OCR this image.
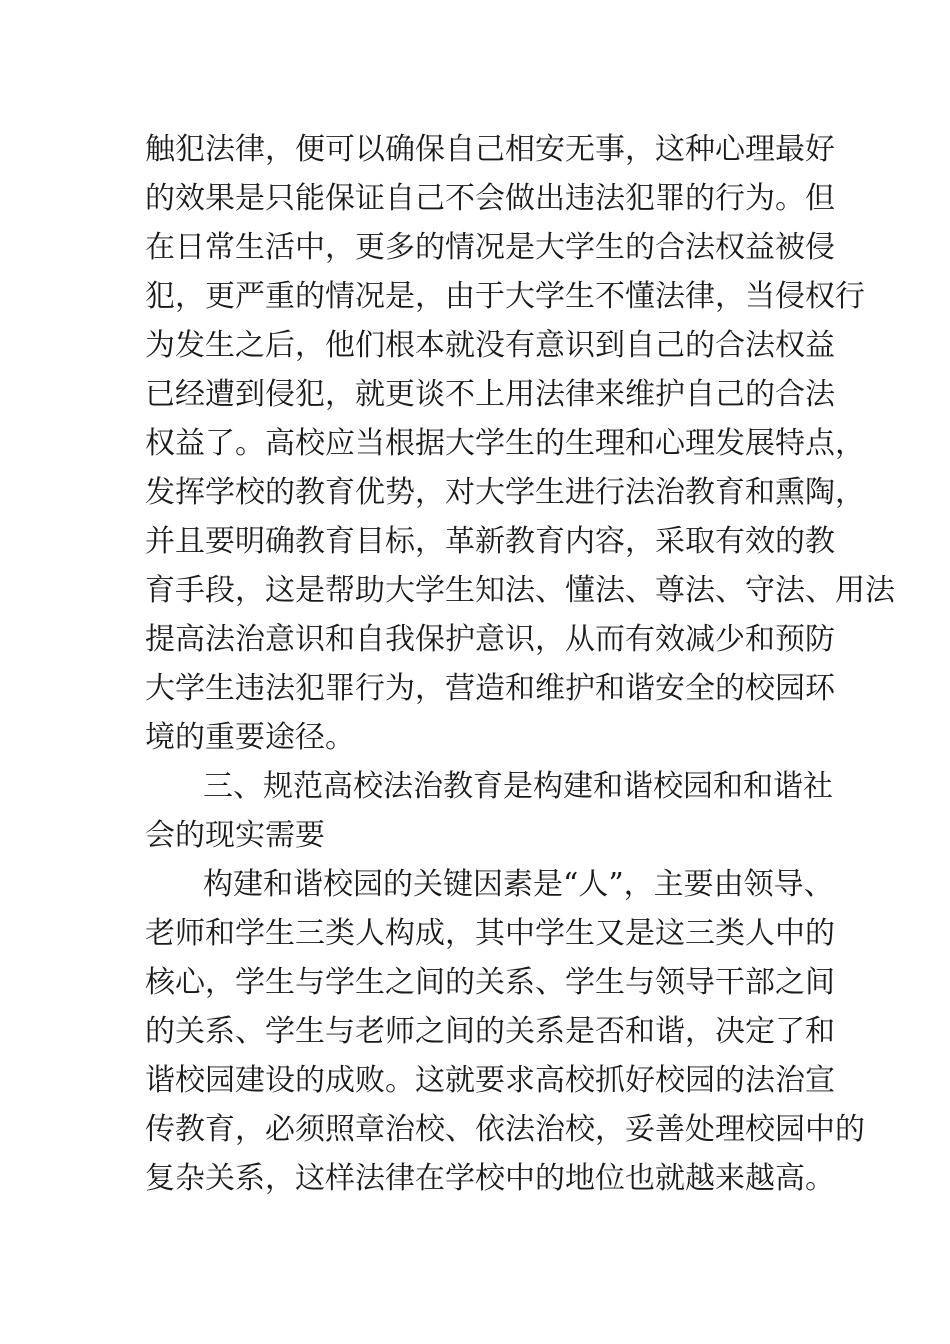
触犯法律，便可以确保自己相安无事，这种心理最好
的效果是只能保证自己不会做出违法犯罪的行为。但
在日常生活中，更多的情况是大学生的合法权益被侵
犯，更严重的情况是，由于大学生不懂法律，当侵权行
为发生之后，他们根本就没有意识到自己的合法权益
已经遭到侵犯，就更谈不上用法律来维护自己的合法
权益了。高校应当根据大学生的生理和心理发展特点，
发挥学校的教育优势，对大学生进行法治教育和熏陶，
并且要明确教育目标，革新教育内容，采取有效的教
育手段，这是帮助大学生知法、懂法、尊法、守法、用法
提高法治意识和自我保护意识，从而有效减少和预防
大学生违法犯罪行为，营造和维护和谐安全的校园环
境的重要途径。
三、规范高校法治教育是构建和谐校园和和谐社
会的现实需要
构建和谐校园的关键因素是“人”，主要由领导、
老师和学生三类人构成，其中学生又是这三类人中的
核心，学生与学生之间的关系、学生与领导干部之间
的关系、学生与老师之间的关系是否和谐，决定了和
谐校园建设的成败。这就要求高校抓好校园的法治宣
传教育，必须照章治校、依法治校，妥善处理校园中的
复杂关系，这样法律在学校中的地位也就越来越高。
